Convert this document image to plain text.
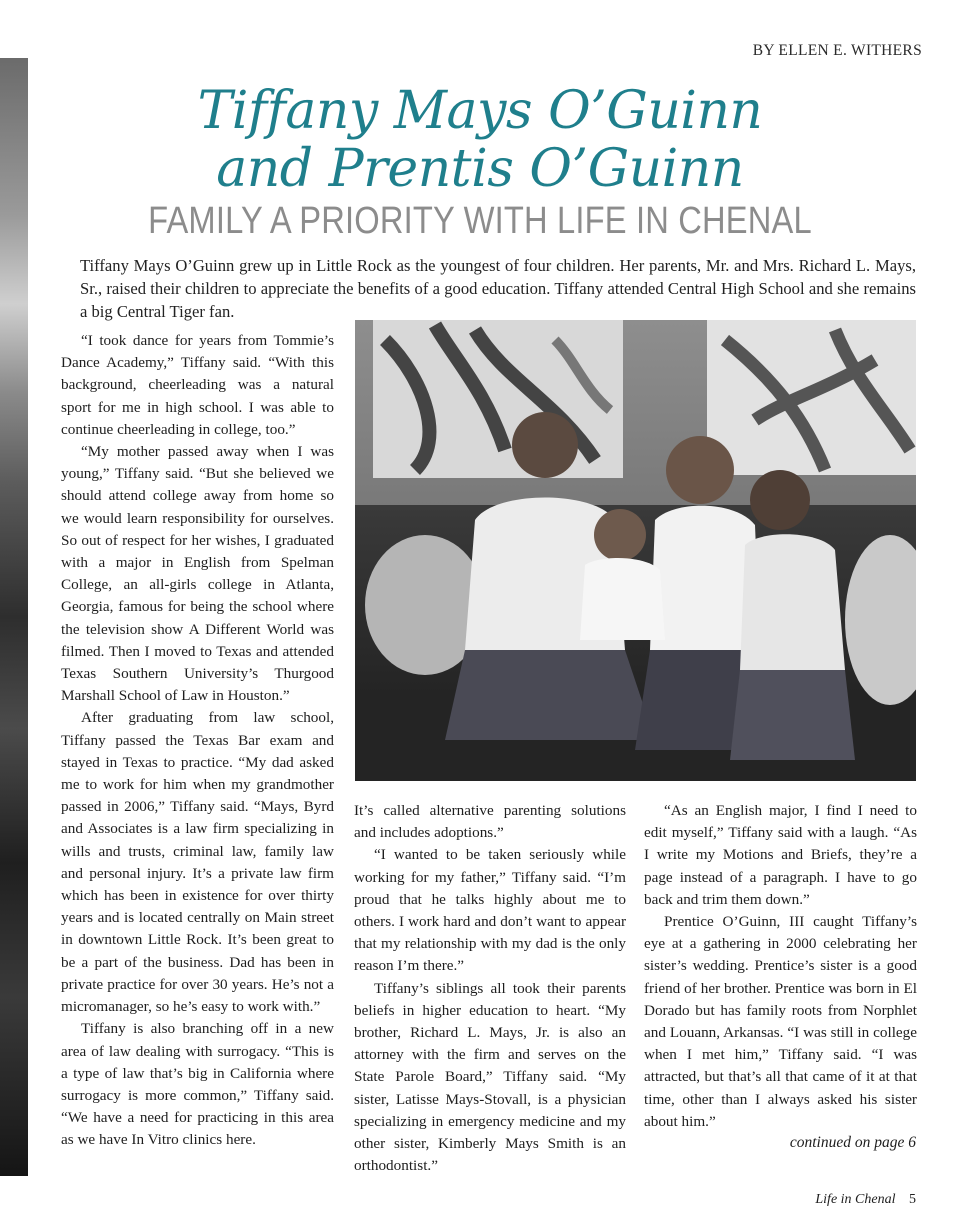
BY ELLEN E. WITHERS
Tiffany Mays O’Guinn
and Prentis O’Guinn
FAMILY A PRIORITY WITH LIFE IN CHENAL
Tiffany Mays O’Guinn grew up in Little Rock as the youngest of four children. Her parents, Mr. and Mrs. Richard L. Mays, Sr., raised their children to appreciate the benefits of a good education. Tiffany attended Central High School and she remains a big Central Tiger fan.

“I took dance for years from Tommie’s Dance Academy,” Tiffany said. “With this background, cheerleading was a natural sport for me in high school. I was able to continue cheerleading in college, too.”

“My mother passed away when I was young,” Tiffany said. “But she believed we should attend college away from home so we would learn responsibility for ourselves. So out of respect for her wishes, I graduated with a major in English from Spelman College, an all-girls college in Atlanta, Georgia, famous for being the school where the television show A Different World was filmed. Then I moved to Texas and attended Texas Southern University’s Thurgood Marshall School of Law in Houston.”

After graduating from law school, Tiffany passed the Texas Bar exam and stayed in Texas to practice. “My dad asked me to work for him when my grandmother passed in 2006,” Tiffany said. “Mays, Byrd and Associates is a law firm specializing in wills and trusts, criminal law, family law and personal injury. It’s a private law firm which has been in existence for over thirty years and is located centrally on Main street in downtown Little Rock. It’s been great to be a part of the business. Dad has been in private practice for over 30 years. He’s not a micromanager, so he’s easy to work with.”

Tiffany is also branching off in a new area of law dealing with surrogacy. “This is a type of law that’s big in California where surrogacy is more common,” Tiffany said. “We have a need for practicing in this area as we have In Vitro clinics here.

It’s called alternative parenting solutions and includes adoptions.”

“I wanted to be taken seriously while working for my father,” Tiffany said. “I’m proud that he talks highly about me to others. I work hard and don’t want to appear that my relationship with my dad is the only reason I’m there.”

Tiffany’s siblings all took their parents beliefs in higher education to heart. “My brother, Richard L. Mays, Jr. is also an attorney with the firm and serves on the State Parole Board,” Tiffany said. “My sister, Latisse Mays-Stovall, is a physician specializing in emergency medicine and my other sister, Kimberly Mays Smith is an orthodontist.”

“As an English major, I find I need to edit myself,” Tiffany said with a laugh. “As I write my Motions and Briefs, they’re a page instead of a paragraph. I have to go back and trim them down.”

Prentice O’Guinn, III caught Tiffany’s eye at a gathering in 2000 celebrating her sister’s wedding. Prentice’s sister is a good friend of her brother. Prentice was born in El Dorado but has family roots from Norphlet and Louann, Arkansas. “I was still in college when I met him,” Tiffany said. “I was attracted, but that’s all that came of it at that time, other than I always asked his sister about him.”

continued on page 6
Life in Chenal 5
